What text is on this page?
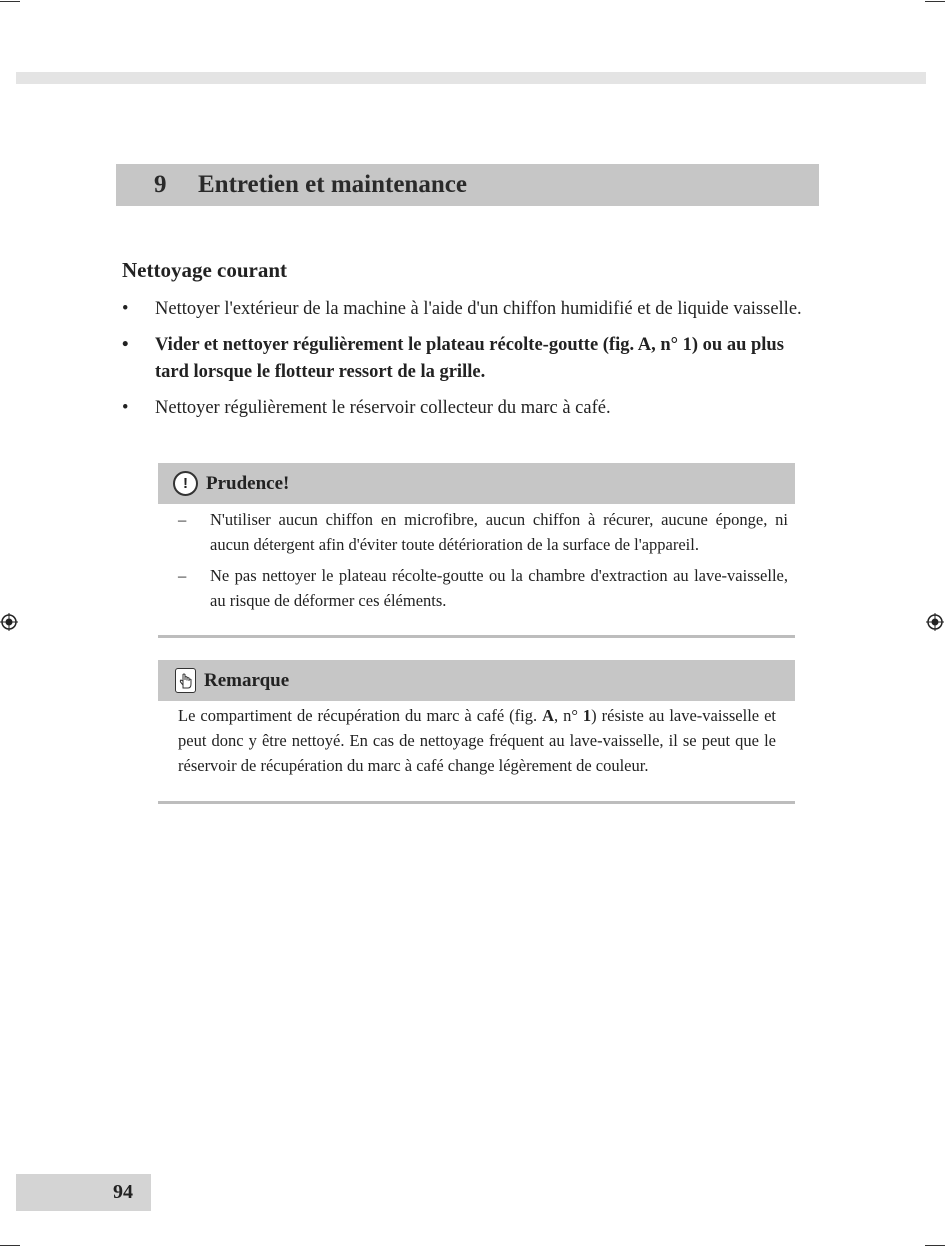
9	Entretien et maintenance
Nettoyage courant
• Nettoyer l'extérieur de la machine à l'aide d'un chiffon humidifié et de liquide vaisselle.
• Vider et nettoyer régulièrement le plateau récolte-goutte (fig. A, n° 1) ou au plus tard lorsque le flotteur ressort de la grille.
• Nettoyer régulièrement le réservoir collecteur du marc à café.
! Prudence!
– N'utiliser aucun chiffon en microfibre, aucun chiffon à récurer, aucune éponge, ni aucun détergent afin d'éviter toute détérioration de la surface de l'appareil.
– Ne pas nettoyer le plateau récolte-goutte ou la chambre d'extraction au lave-vaisselle, au risque de déformer ces éléments.
Remarque
Le compartiment de récupération du marc à café (fig. A, n° 1) résiste au lave-vaisselle et peut donc y être nettoyé. En cas de nettoyage fréquent au lave-vaisselle, il se peut que le réservoir de récupération du marc à café change légèrement de couleur.
94
